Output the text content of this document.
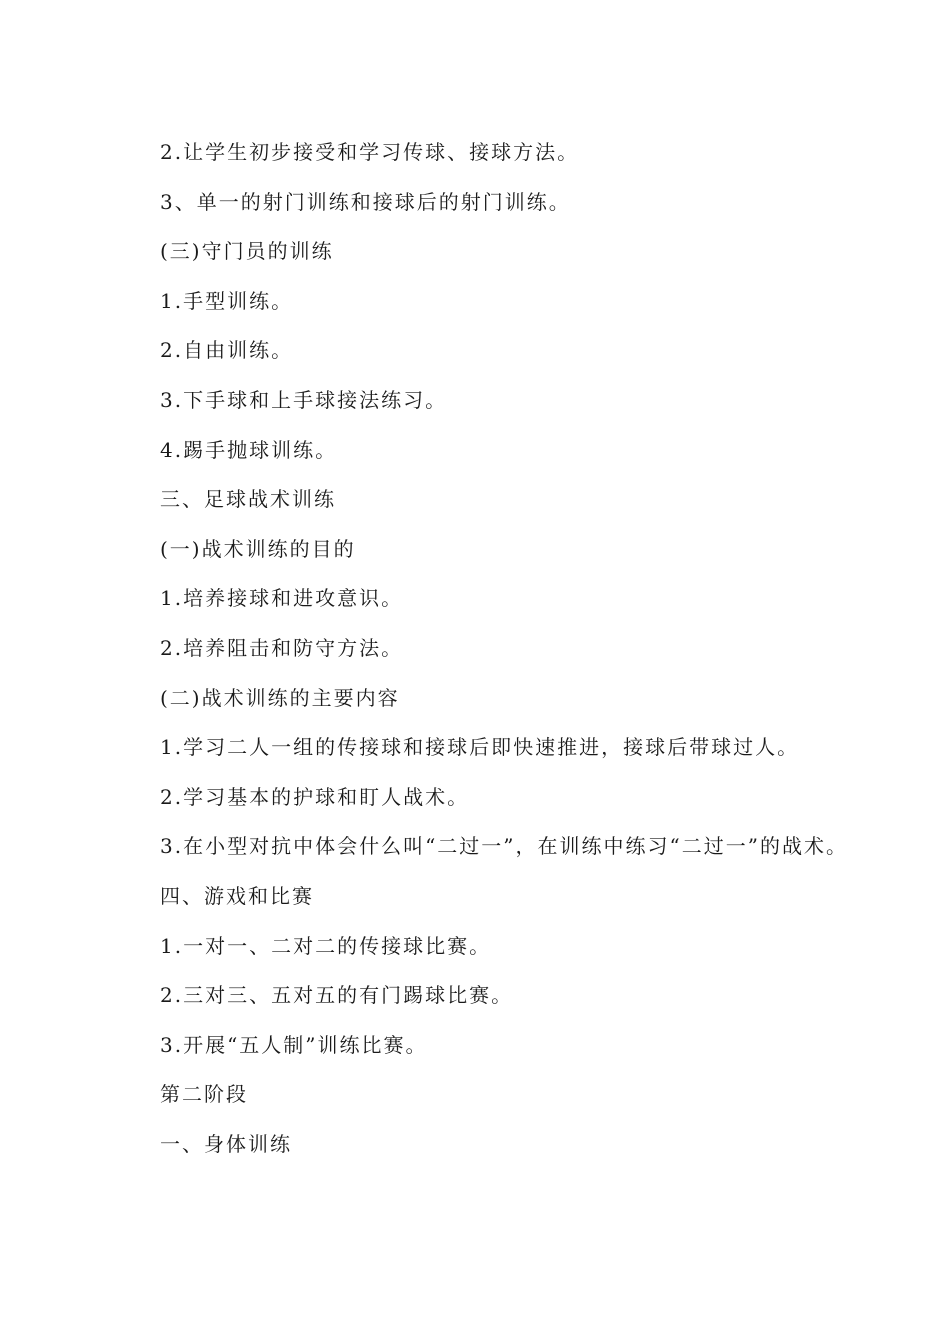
2.让学生初步接受和学习传球、接球方法。

3、单一的射门训练和接球后的射门训练。

(三)守门员的训练

1.手型训练。

2.自由训练。

3.下手球和上手球接法练习。

4.踢手抛球训练。

三、足球战术训练

(一)战术训练的目的

1.培养接球和进攻意识。

2.培养阻击和防守方法。

(二)战术训练的主要内容

1.学习二人一组的传接球和接球后即快速推进，接球后带球过人。

2.学习基本的护球和盯人战术。

3.在小型对抗中体会什么叫“二过一”，在训练中练习“二过一”的战术。

四、游戏和比赛

1.一对一、二对二的传接球比赛。

2.三对三、五对五的有门踢球比赛。

3.开展“五人制”训练比赛。

第二阶段

一、身体训练
